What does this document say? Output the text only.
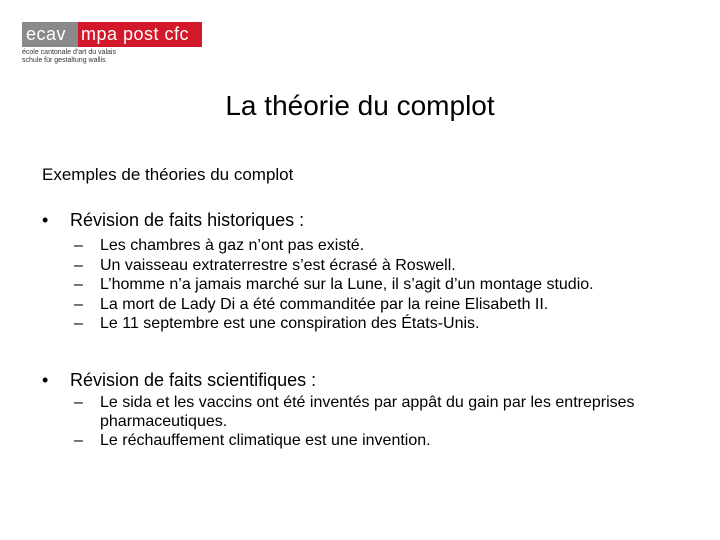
ecav mpa post cfc
école cantonale d'art du valais
schule für gestaltung wallis
La théorie du complot
Exemples de théories du complot
•	Révision de faits historiques :
–	Les chambres à gaz n’ont pas existé.
–	Un vaisseau extraterrestre s’est écrasé à Roswell.
–	L’homme n’a jamais marché sur la Lune, il s’agit d’un montage studio.
–	La mort de Lady Di a été commanditée par la reine Elisabeth II.
–	Le 11 septembre est une conspiration des États-Unis.
•	Révision de faits scientifiques :
–	Le sida et les vaccins ont été inventés par appât du gain par les entreprises pharmaceutiques.
–	Le réchauffement climatique est une invention.
